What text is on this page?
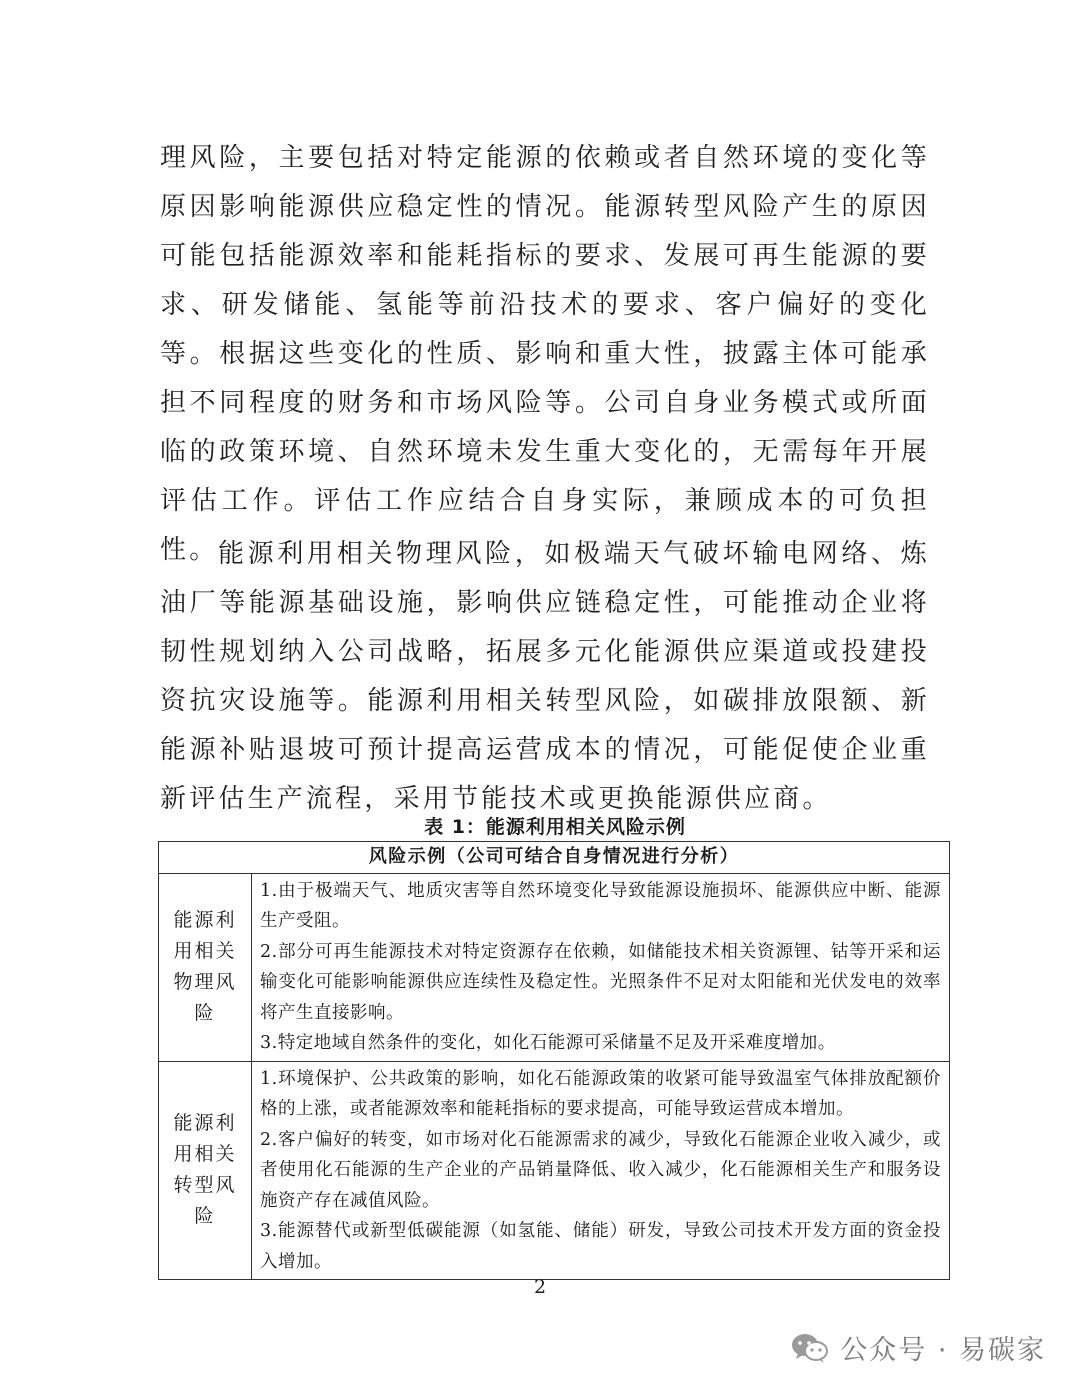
理风险，主要包括对特定能源的依赖或者自然环境的变化等原因影响能源供应稳定性的情况。能源转型风险产生的原因可能包括能源效率和能耗指标的要求、发展可再生能源的要求、研发储能、氢能等前沿技术的要求、客户偏好的变化等。根据这些变化的性质、影响和重大性，披露主体可能承担不同程度的财务和市场风险等。公司自身业务模式或所面临的政策环境、自然环境未发生重大变化的，无需每年开展评估工作。评估工作应结合自身实际，兼顾成本的可负担性。 能源利用相关物理风险，如极端天气破坏输电网络、炼油厂等能源基础设施，影响供应链稳定性，可能推动企业将韧性规划纳入公司战略，拓展多元化能源供应渠道或投建投资抗灾设施等。能源利用相关转型风险，如碳排放限额、新能源补贴退坡可预计提高运营成本的情况，可能促使企业重新评估生产流程，采用节能技术或更换能源供应商。

表 1：能源利用相关风险示例
风险示例（公司可结合自身情况进行分析）	
能源利用相关物理风险	1.由于极端天气、地质灾害等自然环境变化导致能源设施损坏、能源供应中断、能源生产受阻。
2.部分可再生能源技术对特定资源存在依赖，如储能技术相关资源锂、钴等开采和运输变化可能影响能源供应连续性及稳定性。光照条件不足对太阳能和光伏发电的效率将产生直接影响。
3.特定地域自然条件的变化，如化石能源可采储量不足及开采难度增加。

能源利用相关转型风险	1.环境保护、公共政策的影响，如化石能源政策的收紧可能导致温室气体排放配额价格的上涨，或者能源效率和能耗指标的要求提高，可能导致运营成本增加。
2.客户偏好的转变，如市场对化石能源需求的减少，导致化石能源企业收入减少，或者使用化石能源的生产企业的产品销量降低、收入减少，化石能源相关生产和服务设施资产存在减值风险。
3.能源替代或新型低碳能源（如氢能、储能）研发，导致公司技术开发方面的资金投入增加。
2
公众号 · 易碳家
